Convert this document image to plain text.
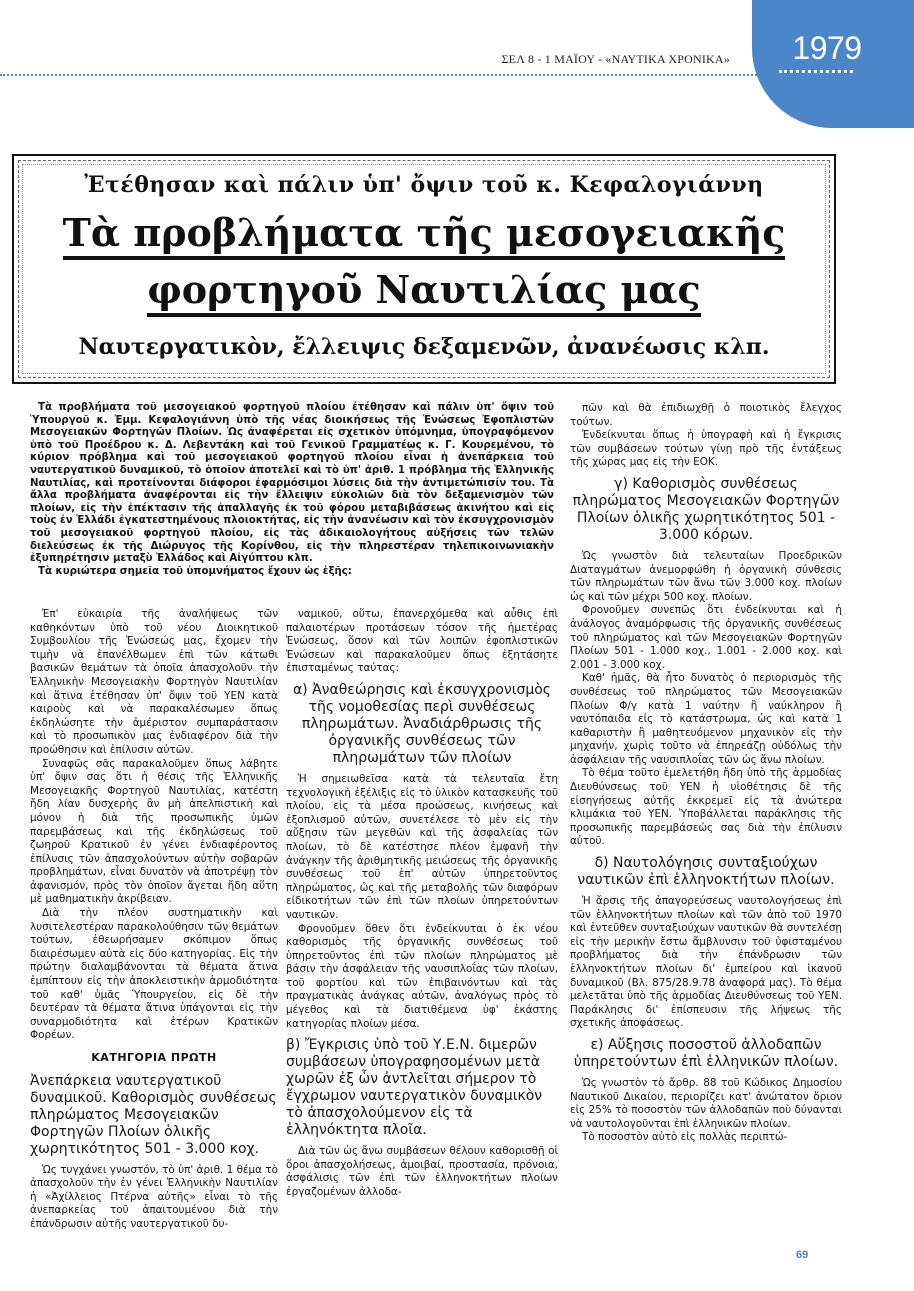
ΣΕΛ 8 - 1 ΜΑΪΟΥ - «ΝΑΥΤΙΚΑ ΧΡΟΝΙΚΑ»	1979
Ἐτέθησαν καὶ πάλιν ὑπ' ὄψιν τοῦ κ. Κεφαλογιάννη
Τὰ προβλήματα τῆς μεσογειακῆς
φορτηγοῦ Ναυτιλίας μας
Ναυτεργατικὸν, ἔλλειψις δεξαμενῶν, ἀνανέωσις κλπ.

Τὰ προβλήματα τοῦ μεσογειακοῦ φορτηγοῦ πλοίου ἐτέθησαν καὶ πάλιν ὑπ' ὄψιν τοῦ Ὑπουργοῦ κ. Ἐμμ. Κεφαλογιάννη ὑπὸ τῆς νέας διοικήσεως τῆς Ἑνώσεως Ἐφοπλιστῶν Μεσογειακῶν Φορτηγῶν Πλοίων. Ὡς ἀναφέρεται εἰς σχετικὸν ὑπόμνημα, ὑπογραφόμενον ὑπὸ τοῦ Προέδρου κ. Δ. Λεβεντάκη καὶ τοῦ Γενικοῦ Γραμματέως κ. Γ. Κουρεμένου, τὸ κύριον πρόβλημα καὶ τοῦ μεσογειακοῦ φορτηγοῦ πλοίου εἶναι ἡ ἀνεπάρκεια τοῦ ναυτεργατικοῦ δυναμικοῦ, τὸ ὁποῖον ἀποτελεῖ καὶ τὸ ὑπ' ἀριθ. 1 πρόβλημα τῆς Ἑλληνικῆς Ναυτιλίας, καὶ προτείνονται διάφοροι ἐφαρμόσιμοι λύσεις διὰ τὴν ἀντιμετώπισίν του. Τὰ ἄλλα προβλήματα ἀναφέρονται εἰς τὴν ἔλλειψιν εὐκολιῶν διὰ τὸν δεξαμενισμὸν τῶν πλοίων, εἰς τὴν ἐπέκτασιν τῆς ἀπαλλαγῆς ἐκ τοῦ φόρου μεταβιβάσεως ἀκινήτου καὶ εἰς τοὺς ἐν Ἑλλάδι ἐγκατεστημένους πλοιοκτήτας, εἰς τὴν ἀνανέωσιν καὶ τὸν ἐκσυγχρονισμὸν τοῦ μεσογειακοῦ φορτηγοῦ πλοίου, εἰς τὰς ἀδικαιολογήτους αὐξήσεις τῶν τελῶν διελεύσεως ἐκ τῆς Διώρυγος τῆς Κορίνθου, εἰς τὴν πληρεστέραν τηλεπικοινωνιακὴν ἐξυπηρέτησιν μεταξὺ Ἑλλάδος καὶ Αἰγύπτου κλπ.

Τὰ κυριώτερα σημεῖα τοῦ ὑπομνήματος ἔχουν ὡς ἑξῆς:

Ἐπ' εὐκαιρία τῆς ἀναλήψεως τῶν καθηκόντων ὑπὸ τοῦ νέου Διοικητικοῦ Συμβουλίου τῆς Ἑνώσεώς μας, ἔχομεν τὴν τιμὴν νὰ ἐπανέλθωμεν ἐπὶ τῶν κάτωθι βασικῶν θεμάτων τὰ ὁποῖα ἀπασχολοῦν τὴν Ἑλληνικὴν Μεσογειακὴν Φορτηγὸν Ναυτιλίαν καὶ ἅτινα ἐτέθησαν ὑπ' ὄψιν τοῦ ΥΕΝ κατὰ καιροὺς καὶ νὰ παρακαλέσωμεν ὅπως ἐκδηλώσητε τὴν ἀμέριστον συμπαράστασιν καὶ τὸ προσωπικὸν μας ἐνδιαφέρον διὰ τὴν προώθησιν καὶ ἐπίλυσιν αὐτῶν.

Συναφῶς σᾶς παρακαλοῦμεν ὅπως λάβητε ὑπ' ὄψιν σας ὅτι ἡ θέσις τῆς Ἑλληνικῆς Μεσογειακῆς Φορτηγοῦ Ναυτιλίας, κατέστη ἤδη λίαν δυσχερὴς ἂν μὴ ἀπελπιστικὴ καὶ μόνον ἡ διὰ τῆς προσωπικῆς ὑμῶν παρεμβάσεως καὶ τῆς ἐκδηλώσεως τοῦ ζωηροῦ Κρατικοῦ ἐν γένει ἐνδιαφέροντος ἐπίλυσις τῶν ἀπασχολούντων αὐτὴν σοβαρῶν προβλημάτων, εἶναι δυνατὸν νὰ ἀποτρέψῃ τὸν ἀφανισμόν, πρὸς τὸν ὁποῖον ἄγεται ἤδη αὕτη μὲ μαθηματικὴν ἀκρίβειαν.

Διὰ τὴν πλέον συστηματικὴν καὶ λυσιτελεστέραν παρακολούθησιν τῶν θεμάτων τούτων, ἐθεωρήσαμεν σκόπιμον ὅπως διαιρέσωμεν αὐτὰ εἰς δύο κατηγορίας. Εἰς τὴν πρώτην διαλαμβάνονται τὰ θέματα ἅτινα ἐμπίπτουν εἰς τὴν ἀποκλειστικὴν ἁρμοδιότητα τοῦ καθ' ὑμᾶς Ὑπουργείου, εἰς δὲ τὴν δευτέραν τὰ θέματα ἅτινα ὑπάγονται εἰς τὴν συναρμοδιότητα καὶ ἑτέρων Κρατικῶν Φορέων.

ΚΑΤΗΓΟΡΙΑ ΠΡΩΤΗ
Ἀνεπάρκεια ναυτεργατικοῦ δυναμικοῦ. Καθορισμὸς συνθέσεως πληρώματος Μεσογειακῶν Φορτηγῶν Πλοίων ὁλικῆς χωρητικότητος 501 - 3.000 κοχ.

Ὡς τυγχάνει γνωστόν, τὸ ὑπ' ἀριθ. 1 θέμα τὸ ἀπασχολοῦν τὴν ἐν γένει Ἑλληνικὴν Ναυτιλίαν ἡ «Ἀχίλλειος Πτέρνα αὐτῆς» εἶναι τὸ τῆς ἀνεπαρκείας τοῦ ἀπαιτουμένου διὰ τὴν ἐπάνδρωσιν αὐτῆς ναυτεργατικοῦ δυ-

ναμικοῦ, οὕτω, ἐπανερχόμεθα καὶ αὖθις ἐπὶ παλαιοτέρων προτάσεων τόσον τῆς ἡμετέρας Ἑνώσεως, ὅσον καὶ τῶν λοιπῶν ἐφοπλιστικῶν Ἑνώσεων καὶ παρακαλοῦμεν ὅπως ἐξητάσητε ἐπισταμένως ταύτας:

α) Ἀναθεώρησις καὶ ἐκσυγχρονισμὸς τῆς νομοθεσίας περὶ συνθέσεως πληρωμάτων. Ἀναδιάρθρωσις τῆς ὀργανικῆς συνθέσεως τῶν πληρωμάτων τῶν πλοίων

Ἡ σημειωθεῖσα κατὰ τὰ τελευταῖα ἔτη τεχνολογικὴ ἐξέλιξις εἰς τὸ ὑλικὸν κατασκευῆς τοῦ πλοίου, εἰς τὰ μέσα προώσεως, κινήσεως καὶ ἐξοπλισμοῦ αὐτῶν, συνετέλεσε τὸ μὲν εἰς τὴν αὔξησιν τῶν μεγεθῶν καὶ τῆς ἀσφαλείας τῶν πλοίων, τὸ δὲ κατέστησε πλέον ἐμφανῆ τὴν ἀνάγκην τῆς ἀριθμητικῆς μειώσεως τῆς ὀργανικῆς συνθέσεως τοῦ ἐπ' αὐτῶν ὑπηρετοῦντος πληρώματος, ὡς καὶ τῆς μεταβολῆς τῶν διαφόρων εἰδικοτήτων τῶν ἐπὶ τῶν πλοίων ὑπηρετούντων ναυτικῶν.

Φρονοῦμεν ὅθεν ὅτι ἐνδείκνυται ὁ ἐκ νέου καθορισμὸς τῆς ὀργανικῆς συνθέσεως τοῦ ὑπηρετοῦντος ἐπὶ τῶν πλοίων πληρώματος μὲ βάσιν τὴν ἀσφάλειαν τῆς ναυσιπλοΐας τῶν πλοίων, τοῦ φορτίου καὶ τῶν ἐπιβαινόντων καὶ τὰς πραγματικὰς ἀνάγκας αὐτῶν, ἀναλόγως πρὸς τὸ μέγεθος καὶ τὰ διατιθέμενα ὑφ' ἑκάστης κατηγορίας πλοίων μέσα.

β) Ἔγκρισις ὑπὸ τοῦ Υ.Ε.Ν. διμερῶν συμβάσεων ὑπογραφησομένων μετὰ χωρῶν ἐξ ὧν ἀντλεῖται σήμερον τὸ ἔγχρωμον ναυτεργατικὸν δυναμικὸν τὸ ἀπασχολούμενον εἰς τὰ ἑλληνόκτητα πλοῖα.

Διὰ τῶν ὡς ἄνω συμβάσεων θέλουν καθορισθῇ οἱ ὅροι ἀπασχολήσεως, ἀμοιβαί, προστασία, πρόνοια, ἀσφάλισις τῶν ἐπὶ τῶν ἑλληνοκτήτων πλοίων ἐργαζομένων ἀλλοδα-

πῶν καὶ θὰ ἐπιδιωχθῇ ὁ ποιοτικὸς ἔλεγχος τούτων.

Ἐνδείκνυται ὅπως ἡ ὑπογραφὴ καὶ ἡ ἔγκρισις τῶν συμβάσεων τούτων γίνῃ πρὸ τῆς ἐντάξεως τῆς χώρας μας εἰς τὴν ΕΟΚ.

γ) Καθορισμὸς συνθέσεως πληρώματος Μεσογειακῶν Φορτηγῶν Πλοίων ὁλικῆς χωρητικότητος 501 - 3.000 κόρων.

Ὡς γνωστὸν διὰ τελευταίων Προεδρικῶν Διαταγμάτων ἀνεμορφώθη ἡ ὀργανικὴ σύνθεσις τῶν πληρωμάτων τῶν ἄνω τῶν 3.000 κοχ. πλοίων ὡς καὶ τῶν μέχρι 500 κοχ. πλοίων.

Φρονοῦμεν συνεπῶς ὅτι ἐνδείκνυται καὶ ἡ ἀνάλογος ἀναμόρφωσις τῆς ὀργανικῆς συνθέσεως τοῦ πληρώματος καὶ τῶν Μεσογειακῶν Φορτηγῶν Πλοίων 501 - 1.000 κοχ., 1.001 - 2.000 κοχ. καὶ 2.001 - 3.000 κοχ.

Καθ' ἡμᾶς, θὰ ἦτο δυνατὸς ὁ περιορισμὸς τῆς συνθέσεως τοῦ πληρώματος τῶν Μεσογειακῶν Πλοίων Φ/γ κατὰ 1 ναύτην ἢ ναύκληρον ἢ ναυτόπαιδα εἰς τὸ κατάστρωμα, ὡς καὶ κατὰ 1 καθαριστὴν ἢ μαθητευόμενον μηχανικὸν εἰς τὴν μηχανήν, χωρὶς τοῦτο νὰ ἐπηρεάζῃ οὐδόλως τὴν ἀσφάλειαν τῆς ναυσιπλοΐας τῶν ὡς ἄνω πλοίων.

Τὸ θέμα τοῦτο ἐμελετήθη ἤδη ὑπὸ τῆς ἁρμοδίας Διευθύνσεως τοῦ ΥΕΝ ἡ υἱοθέτησις δὲ τῆς εἰσηγήσεως αὐτῆς ἐκκρεμεῖ εἰς τὰ ἀνώτερα κλιμάκια τοῦ ΥΕΝ. Ὑποβάλλεται παράκλησις τῆς προσωπικῆς παρεμβάσεώς σας διὰ τὴν ἐπίλυσιν αὐτοῦ.

δ) Ναυτολόγησις συνταξιούχων ναυτικῶν ἐπὶ ἑλληνοκτήτων πλοίων.

Ἡ ἄρσις τῆς ἀπαγορεύσεως ναυτολογήσεως ἐπὶ τῶν ἑλληνοκτήτων πλοίων καὶ τῶν ἀπὸ τοῦ 1970 καὶ ἐντεῦθεν συνταξιούχων ναυτικῶν θὰ συντελέσῃ εἰς τὴν μερικὴν ἔστω ἄμβλυνσιν τοῦ ὑφισταμένου προβλήματος διὰ τὴν ἐπάνδρωσιν τῶν ἑλληνοκτήτων πλοίων δι' ἐμπείρου καὶ ἱκανοῦ δυναμικοῦ (Βλ. 875/28.9.78 ἀναφορά μας). Τὸ θέμα μελετᾶται ὑπὸ τῆς ἁρμοδίας Διευθύνσεως τοῦ ΥΕΝ. Παράκλησις δι' ἐπίσπευσιν τῆς λήψεως τῆς σχετικῆς ἀποφάσεως.

ε) Αὔξησις ποσοστοῦ ἀλλοδαπῶν ὑπηρετούντων ἐπὶ ἑλληνικῶν πλοίων.

Ὡς γνωστὸν τὸ ἄρθρ. 88 τοῦ Κώδικος Δημοσίου Ναυτικοῦ Δικαίου, περιορίζει κατ' ἀνώτατον ὅριον εἰς 25% τὸ ποσοστὸν τῶν ἀλλοδαπῶν ποὺ δύνανται νὰ ναυτολογοῦνται ἐπὶ ἑλληνικῶν πλοίων.

Τὸ ποσοστὸν αὐτὸ εἰς πολλὰς περιπτώ-

69
